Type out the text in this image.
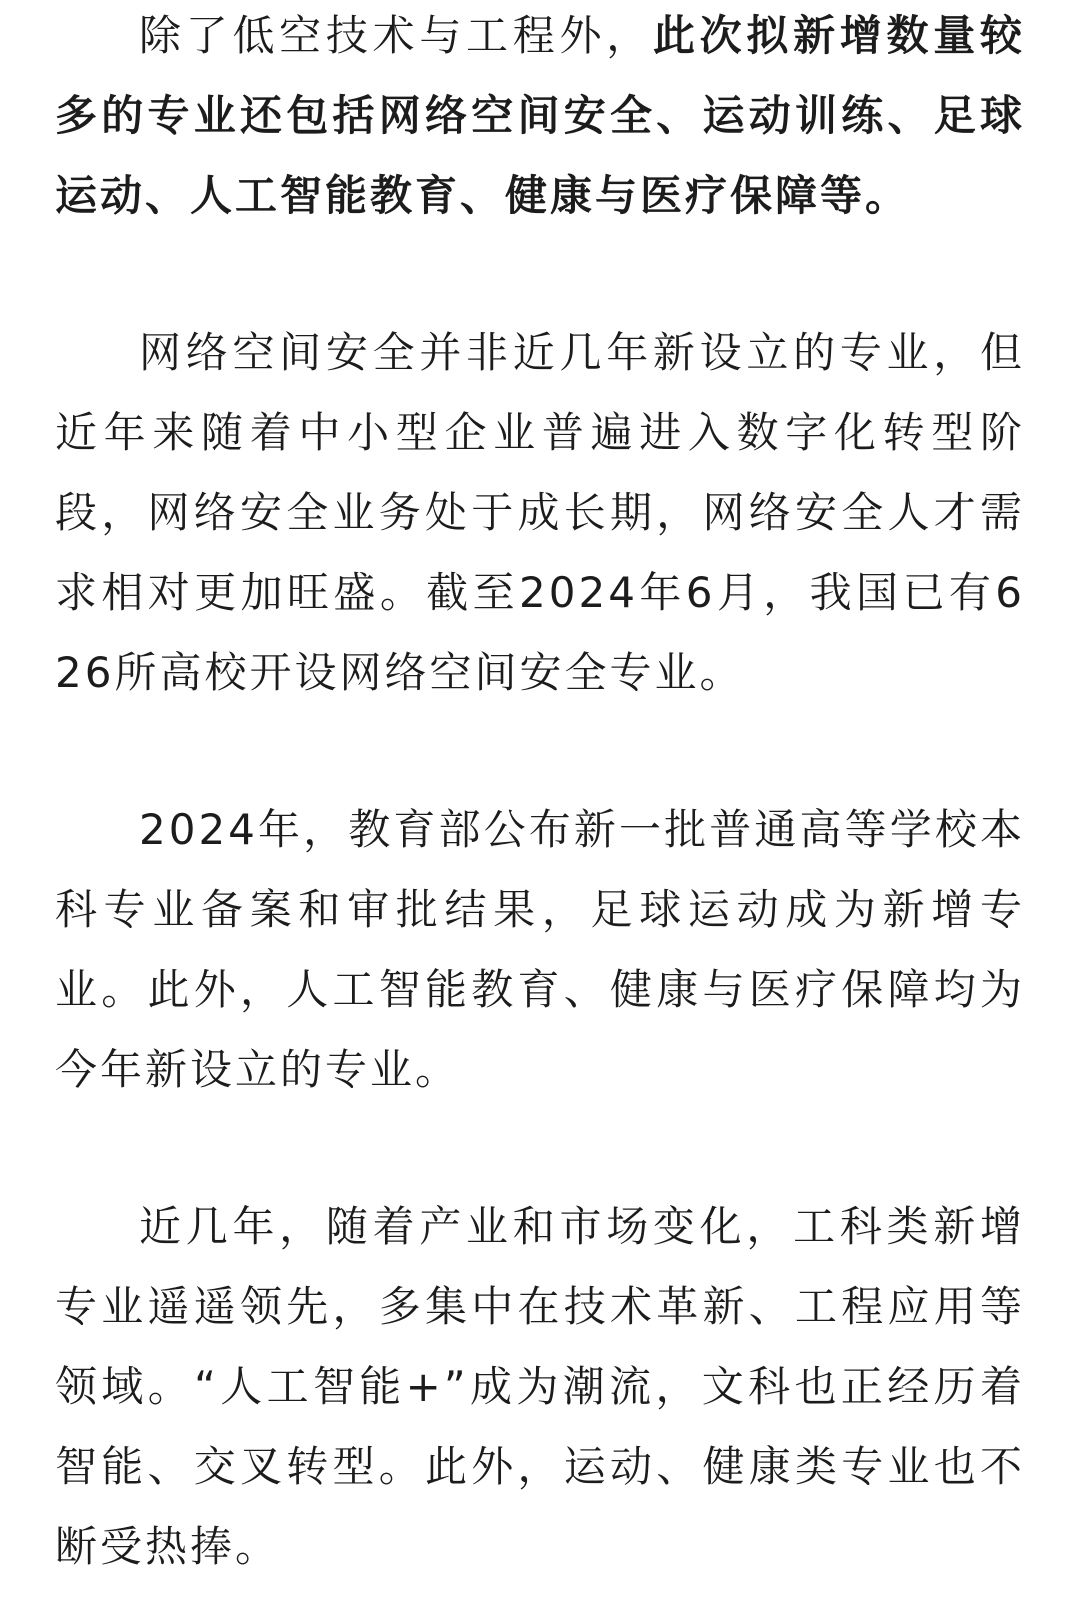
除了低空技术与工程外，此次拟新增数量较多的专业还包括网络空间安全、运动训练、足球运动、人工智能教育、健康与医疗保障等。

网络空间安全并非近几年新设立的专业，但近年来随着中小型企业普遍进入数字化转型阶段，网络安全业务处于成长期，网络安全人才需求相对更加旺盛。截至2024年6月，我国已有626所高校开设网络空间安全专业。

2024年，教育部公布新一批普通高等学校本科专业备案和审批结果，足球运动成为新增专业。此外，人工智能教育、健康与医疗保障均为今年新设立的专业。

近几年，随着产业和市场变化，工科类新增专业遥遥领先，多集中在技术革新、工程应用等领域。“人工智能+”成为潮流，文科也正经历着智能、交叉转型。此外，运动、健康类专业也不断受热捧。
